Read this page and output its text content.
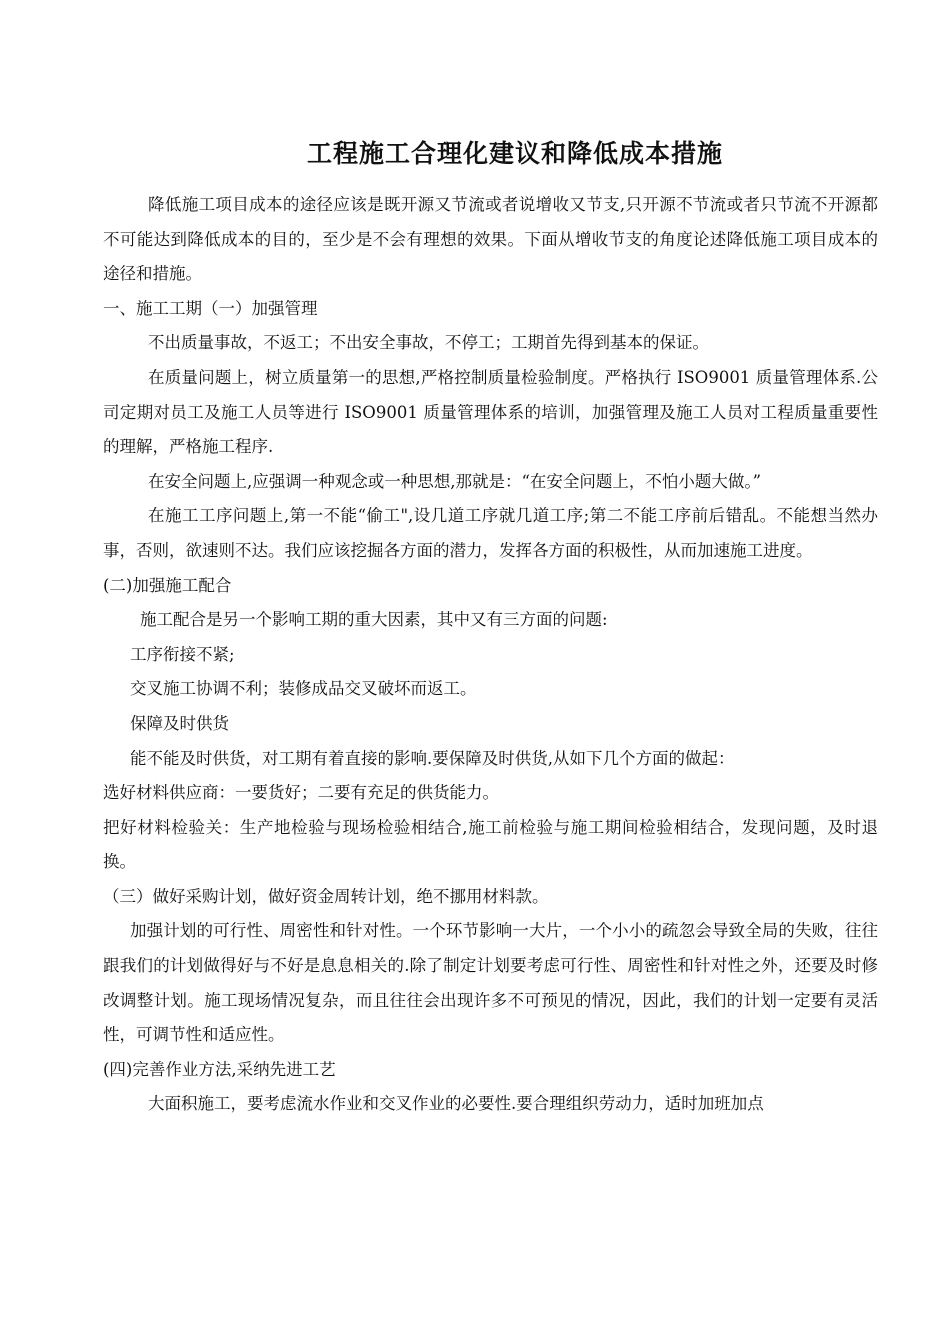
工程施工合理化建议和降低成本措施

降低施工项目成本的途径应该是既开源又节流或者说增收又节支,只开源不节流或者只节流不开源都不可能达到降低成本的目的，至少是不会有理想的效果。下面从增收节支的角度论述降低施工项目成本的途径和措施。

一、施工工期（一）加强管理

不出质量事故，不返工；不出安全事故，不停工；工期首先得到基本的保证。

在质量问题上，树立质量第一的思想,严格控制质量检验制度。严格执行 ISO9001 质量管理体系.公司定期对员工及施工人员等进行 ISO9001 质量管理体系的培训，加强管理及施工人员对工程质量重要性的理解，严格施工程序.

在安全问题上,应强调一种观念或一种思想,那就是：“在安全问题上，不怕小题大做。”

在施工工序问题上,第一不能“偷工",设几道工序就几道工序;第二不能工序前后错乱。不能想当然办事，否则，欲速则不达。我们应该挖掘各方面的潜力，发挥各方面的积极性，从而加速施工进度。

(二)加强施工配合

施工配合是另一个影响工期的重大因素，其中又有三方面的问题:

工序衔接不紧;

交叉施工协调不利；装修成品交叉破坏而返工。

保障及时供货

能不能及时供货，对工期有着直接的影响.要保障及时供货,从如下几个方面的做起：

选好材料供应商：一要货好；二要有充足的供货能力。

把好材料检验关：生产地检验与现场检验相结合,施工前检验与施工期间检验相结合，发现问题，及时退换。

（三）做好采购计划，做好资金周转计划，绝不挪用材料款。

加强计划的可行性、周密性和针对性。一个环节影响一大片，一个小小的疏忽会导致全局的失败，往往跟我们的计划做得好与不好是息息相关的.除了制定计划要考虑可行性、周密性和针对性之外，还要及时修改调整计划。施工现场情况复杂，而且往往会出现许多不可预见的情况，因此，我们的计划一定要有灵活性，可调节性和适应性。

(四)完善作业方法,采纳先进工艺

大面积施工，要考虑流水作业和交叉作业的必要性.要合理组织劳动力，适时加班加点
